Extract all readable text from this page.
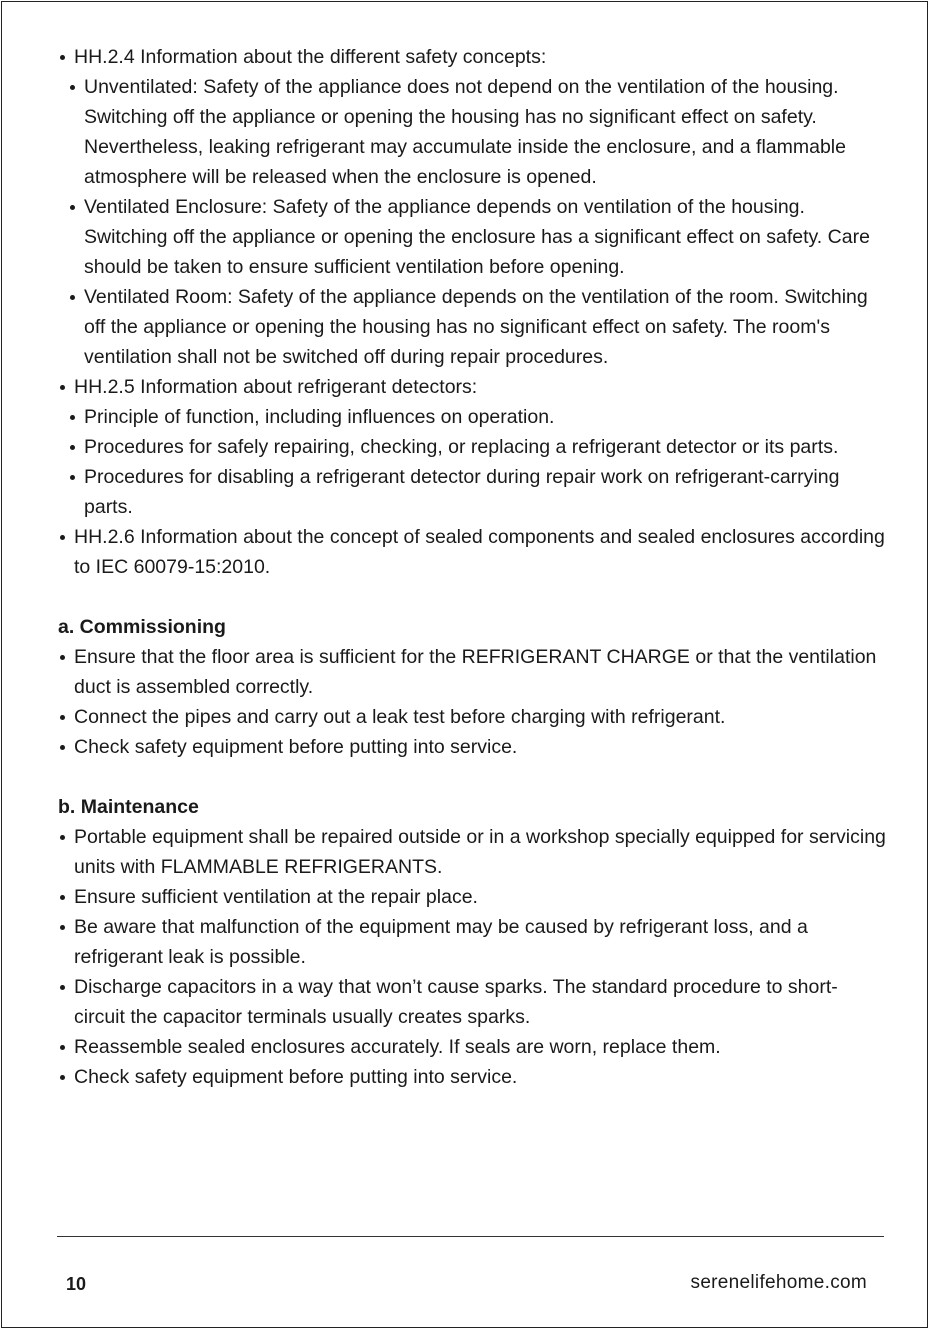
HH.2.4 Information about the different safety concepts:
Unventilated: Safety of the appliance does not depend on the ventilation of the housing. Switching off the appliance or opening the housing has no significant effect on safety. Nevertheless, leaking refrigerant may accumulate inside the enclosure, and a flammable atmosphere will be released when the enclosure is opened.
Ventilated Enclosure: Safety of the appliance depends on ventilation of the housing. Switching off the appliance or opening the enclosure has a significant effect on safety. Care should be taken to ensure sufficient ventilation before opening.
Ventilated Room: Safety of the appliance depends on the ventilation of the room. Switching off the appliance or opening the housing has no significant effect on safety. The room's ventilation shall not be switched off during repair procedures.
HH.2.5 Information about refrigerant detectors:
Principle of function, including influences on operation.
Procedures for safely repairing, checking, or replacing a refrigerant detector or its parts.
Procedures for disabling a refrigerant detector during repair work on refrigerant-carrying parts.
HH.2.6 Information about the concept of sealed components and sealed enclosures according to IEC 60079-15:2010.
a. Commissioning
Ensure that the floor area is sufficient for the REFRIGERANT CHARGE or that the ventilation duct is assembled correctly.
Connect the pipes and carry out a leak test before charging with refrigerant.
Check safety equipment before putting into service.
b. Maintenance
Portable equipment shall be repaired outside or in a workshop specially equipped for servicing units with FLAMMABLE REFRIGERANTS.
Ensure sufficient ventilation at the repair place.
Be aware that malfunction of the equipment may be caused by refrigerant loss, and a refrigerant leak is possible.
Discharge capacitors in a way that won’t cause sparks. The standard procedure to short-circuit the capacitor terminals usually creates sparks.
Reassemble sealed enclosures accurately. If seals are worn, replace them.
Check safety equipment before putting into service.
10	serenelifehome.com
